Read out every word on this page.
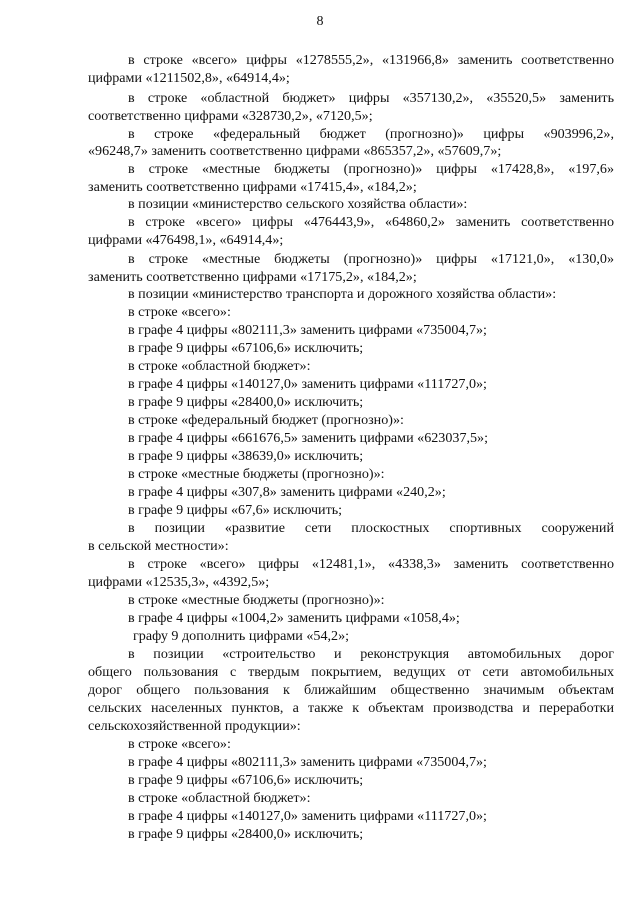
8
в строке «всего» цифры «1278555,2», «131966,8» заменить соответственно
цифрами «1211502,8», «64914,4»;
в строке «областной бюджет» цифры «357130,2», «35520,5» заменить
соответственно цифрами «328730,2», «7120,5»;
в строке «федеральный бюджет (прогнозно)» цифры «903996,2»,
«96248,7» заменить соответственно цифрами «865357,2», «57609,7»;
в строке «местные бюджеты (прогнозно)» цифры «17428,8», «197,6»
заменить соответственно цифрами «17415,4», «184,2»;
в позиции «министерство сельского хозяйства области»:
в строке «всего» цифры «476443,9», «64860,2» заменить соответственно
цифрами «476498,1», «64914,4»;
в строке «местные бюджеты (прогнозно)» цифры «17121,0», «130,0»
заменить соответственно цифрами «17175,2», «184,2»;
в позиции «министерство транспорта и дорожного хозяйства области»:
в строке «всего»:
в графе 4 цифры «802111,3» заменить цифрами «735004,7»;
в графе 9 цифры «67106,6» исключить;
в строке «областной бюджет»:
в графе 4 цифры «140127,0» заменить цифрами «111727,0»;
в графе 9 цифры «28400,0» исключить;
в строке «федеральный бюджет (прогнозно)»:
в графе 4 цифры «661676,5» заменить цифрами «623037,5»;
в графе 9 цифры «38639,0» исключить;
в строке «местные бюджеты (прогнозно)»:
в графе 4 цифры «307,8» заменить цифрами «240,2»;
в графе 9 цифры «67,6» исключить;
в позиции «развитие сети плоскостных спортивных сооружений
в сельской местности»:
в строке «всего» цифры «12481,1», «4338,3» заменить соответственно
цифрами «12535,3», «4392,5»;
в строке «местные бюджеты (прогнозно)»:
в графе 4 цифры «1004,2» заменить цифрами «1058,4»;
графу 9 дополнить цифрами «54,2»;
в позиции «строительство и реконструкция автомобильных дорог
общего пользования с твердым покрытием, ведущих от сети автомобильных
дорог общего пользования к ближайшим общественно значимым объектам
сельских населенных пунктов, а также к объектам производства и переработки
сельскохозяйственной продукции»:
в строке «всего»:
в графе 4 цифры «802111,3» заменить цифрами «735004,7»;
в графе 9 цифры «67106,6» исключить;
в строке «областной бюджет»:
в графе 4 цифры «140127,0» заменить цифрами «111727,0»;
в графе 9 цифры «28400,0» исключить;
